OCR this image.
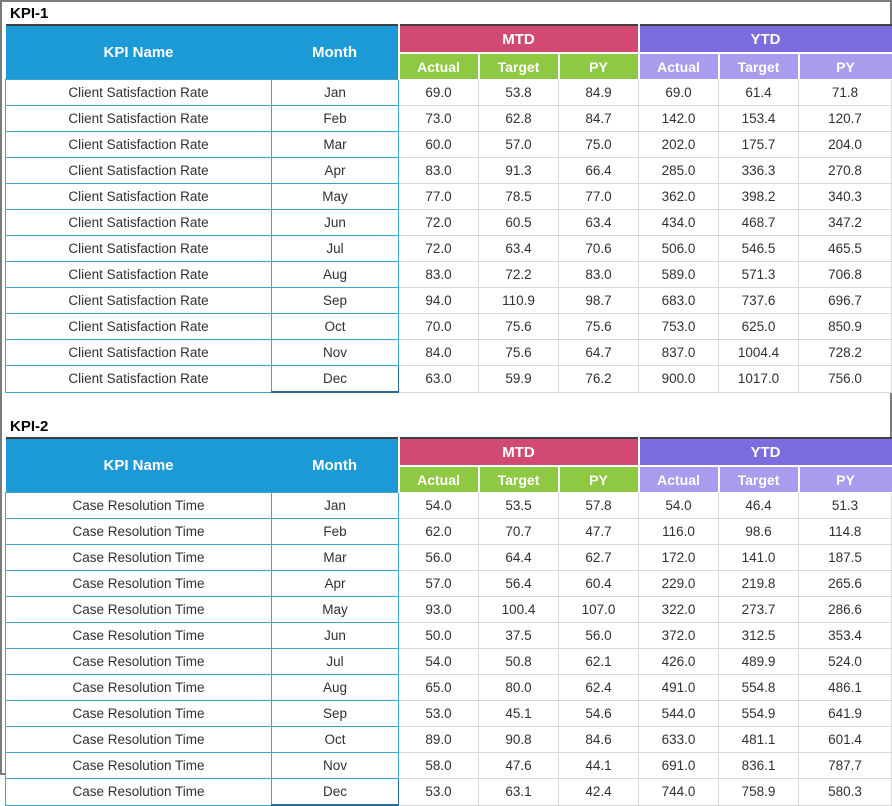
KPI-1
KPI Name	Month	MTD			YTD		
		Actual	Target	PY	Actual	Target	PY
Client Satisfaction Rate	Jan	69.0	53.8	84.9	69.0	61.4	71.8
Client Satisfaction Rate	Feb	73.0	62.8	84.7	142.0	153.4	120.7
Client Satisfaction Rate	Mar	60.0	57.0	75.0	202.0	175.7	204.0
Client Satisfaction Rate	Apr	83.0	91.3	66.4	285.0	336.3	270.8
Client Satisfaction Rate	May	77.0	78.5	77.0	362.0	398.2	340.3
Client Satisfaction Rate	Jun	72.0	60.5	63.4	434.0	468.7	347.2
Client Satisfaction Rate	Jul	72.0	63.4	70.6	506.0	546.5	465.5
Client Satisfaction Rate	Aug	83.0	72.2	83.0	589.0	571.3	706.8
Client Satisfaction Rate	Sep	94.0	110.9	98.7	683.0	737.6	696.7
Client Satisfaction Rate	Oct	70.0	75.6	75.6	753.0	625.0	850.9
Client Satisfaction Rate	Nov	84.0	75.6	64.7	837.0	1004.4	728.2
Client Satisfaction Rate	Dec	63.0	59.9	76.2	900.0	1017.0	756.0
KPI-2
KPI Name	Month	MTD			YTD		
		Actual	Target	PY	Actual	Target	PY
Case Resolution Time	Jan	54.0	53.5	57.8	54.0	46.4	51.3
Case Resolution Time	Feb	62.0	70.7	47.7	116.0	98.6	114.8
Case Resolution Time	Mar	56.0	64.4	62.7	172.0	141.0	187.5
Case Resolution Time	Apr	57.0	56.4	60.4	229.0	219.8	265.6
Case Resolution Time	May	93.0	100.4	107.0	322.0	273.7	286.6
Case Resolution Time	Jun	50.0	37.5	56.0	372.0	312.5	353.4
Case Resolution Time	Jul	54.0	50.8	62.1	426.0	489.9	524.0
Case Resolution Time	Aug	65.0	80.0	62.4	491.0	554.8	486.1
Case Resolution Time	Sep	53.0	45.1	54.6	544.0	554.9	641.9
Case Resolution Time	Oct	89.0	90.8	84.6	633.0	481.1	601.4
Case Resolution Time	Nov	58.0	47.6	44.1	691.0	836.1	787.7
Case Resolution Time	Dec	53.0	63.1	42.4	744.0	758.9	580.3
